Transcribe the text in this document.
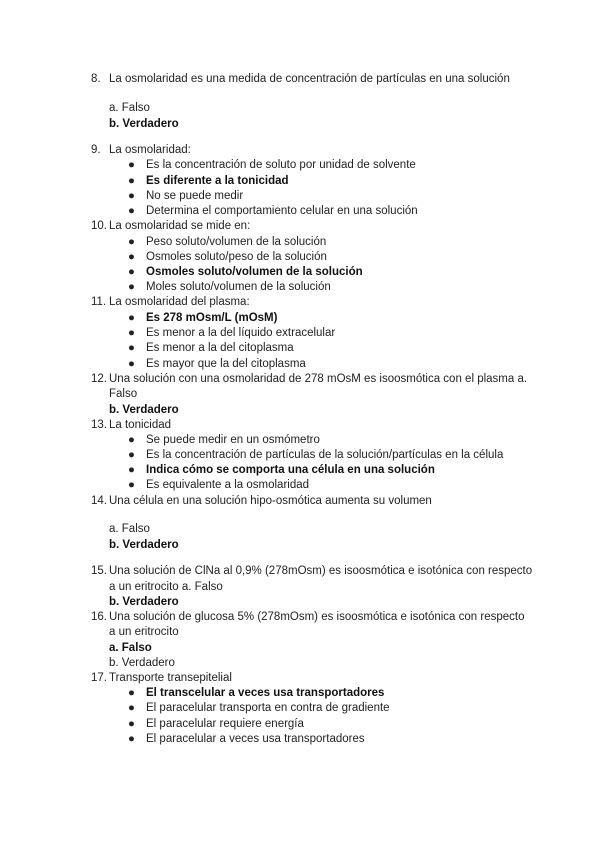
8. La osmolaridad es una medida de concentración de partículas en una solución
a. Falso
b. Verdadero
9. La osmolaridad:
● Es la concentración de soluto por unidad de solvente
● Es diferente a la tonicidad
● No se puede medir
● Determina el comportamiento celular en una solución
10. La osmolaridad se mide en:
● Peso soluto/volumen de la solución
● Osmoles soluto/peso de la solución
● Osmoles soluto/volumen de la solución
● Moles soluto/volumen de la solución
11. La osmolaridad del plasma:
● Es 278 mOsm/L (mOsM)
● Es menor a la del líquido extracelular
● Es menor a la del citoplasma
● Es mayor que la del citoplasma
12. Una solución con una osmolaridad de 278 mOsM es isoosmótica con el plasma a.
Falso
b. Verdadero
13. La tonicidad
● Se puede medir en un osmómetro
● Es la concentración de partículas de la solución/partículas en la célula
● Indica cómo se comporta una célula en una solución
● Es equivalente a la osmolaridad
14. Una célula en una solución hipo-osmótica aumenta su volumen
a. Falso
b. Verdadero
15. Una solución de ClNa al 0,9% (278mOsm) es isoosmótica e isotónica con respecto
a un eritrocito a. Falso
b. Verdadero
16. Una solución de glucosa 5% (278mOsm) es isoosmótica e isotónica con respecto
a un eritrocito
a. Falso
b. Verdadero
17. Transporte transepitelial
● El transcelular a veces usa transportadores
● El paracelular transporta en contra de gradiente
● El paracelular requiere energía
● El paracelular a veces usa transportadores
